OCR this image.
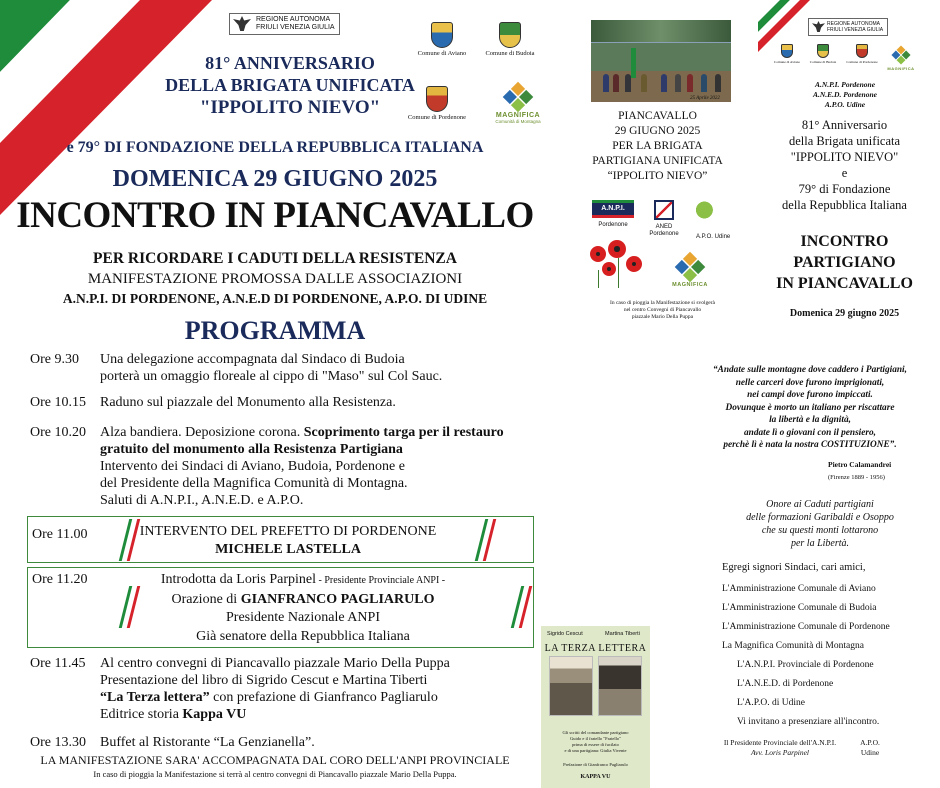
REGIONE AUTONOMA
FRIULI VENEZIA GIULIA
Comune di Aviano	Comune di Budoia
Comune di Pordenone	MAGNIFICA
Comunità di Montagna
81° ANNIVERSARIO
DELLA BRIGATA UNIFICATA
"IPPOLITO NIEVO"
e 79° DI FONDAZIONE DELLA REPUBBLICA ITALIANA
DOMENICA 29 GIUGNO 2025
INCONTRO IN PIANCAVALLO
PER RICORDARE I CADUTI DELLA RESISTENZA
MANIFESTAZIONE PROMOSSA DALLE ASSOCIAZIONI
A.N.P.I. DI PORDENONE, A.N.E.D DI PORDENONE, A.P.O. DI UDINE
PROGRAMMA
Ore 9.30	Una delegazione accompagnata dal Sindaco di Budoia
porterà un omaggio floreale al cippo di "Maso" sul Col Sauc.
Ore 10.15 Raduno sul piazzale del Monumento alla Resistenza.
Ore 10.20 Alza bandiera. Deposizione corona. Scoprimento targa per il restauro
gratuito del monumento alla Resistenza Partigiana
Intervento dei Sindaci di Aviano, Budoia, Pordenone e
del Presidente della Magnifica Comunità di Montagna.
Saluti di A.N.P.I., A.N.E.D. e A.P.O.
Ore 11.00	INTERVENTO DEL PREFETTO DI PORDENONE
MICHELE LASTELLA
Ore 11.20	Introdotta da Loris Parpinel - Presidente Provinciale ANPI -
Orazione di GIANFRANCO PAGLIARULO
Presidente Nazionale ANPI
Già senatore della Repubblica Italiana
Ore 11.45	Al centro convegni di Piancavallo piazzale Mario Della Puppa
Presentazione del libro di Sigrido Cescut e Martina Tiberti
“La Terza lettera” con prefazione di Gianfranco Pagliarulo
Editrice storia Kappa VU
Ore 13.30 Buffet al Ristorante “La Genzianella”.
LA MANIFESTAZIONE SARA' ACCOMPAGNATA DAL CORO DELL'ANPI PROVINCIALE
In caso di pioggia la Manifestazione si terrà al centro convegni di Piancavallo piazzale Mario Della Puppa.
25 Aprile 2022
PIANCAVALLO
29 GIUGNO 2025
PER LA BRIGATA
PARTIGIANA UNIFICATA
“IPPOLITO NIEVO”
A.N.P.I.
Pordenone	ANED Pordenone	A.P.O. Udine
MAGNIFICA
In caso di pioggia la Manifestazione si svolgerà
nel centro Convegni di Piancavallo
piazzale Mario Della Puppa
Sigrido Cescut	Martina Tiberti
LA TERZA LETTERA
Gli scritti del comandante partigiano
Guido e il fratello "Fratello"
prima di essere di fucilato
e di una partigiana: Giulia Vivente
Prefazione di Gianfranco Pagliarulo
KAPPA VU
REGIONE AUTONOMA
FRIULI VENEZIA GIULIA
Comune di Aviano	Comune di Budoia	Comune di Pordenone
MAGNIFICA
A.N.P.I. Pordenone
A.N.E.D. Pordenone
A.P.O. Udine
81° Anniversario
della Brigata unificata
"IPPOLITO NIEVO"
e
79° di Fondazione
della Repubblica Italiana
INCONTRO
PARTIGIANO
IN PIANCAVALLO
Domenica 29 giugno 2025
“Andate sulle montagne dove caddero i Partigiani,
nelle carceri dove furono imprigionati,
nei campi dove furono impiccati.
Dovunque è morto un italiano per riscattare
la libertà e la dignità,
andate lì o giovani con il pensiero,
perchè lì è nata la nostra COSTITUZIONE”.
Pietro Calamandrei
(Firenze 1889 - 1956)
Onore ai Caduti partigiani
delle formazioni Garibaldi e Osoppo
che su questi monti lottarono
per la Libertà.
Egregi signori Sindaci, cari amici,
L'Amministrazione Comunale di Aviano
L'Amministrazione Comunale di Budoia
L'Amministrazione Comunale di Pordenone
La Magnifica Comunità di Montagna
L'A.N.P.I. Provinciale di Pordenone
L'A.N.E.D. di Pordenone
L'A.P.O. di Udine
Vi invitano a presenziare all'incontro.
Il Presidente Provinciale dell'A.N.P.I.
Avv. Loris Parpinel
A.P.O.
Udine
